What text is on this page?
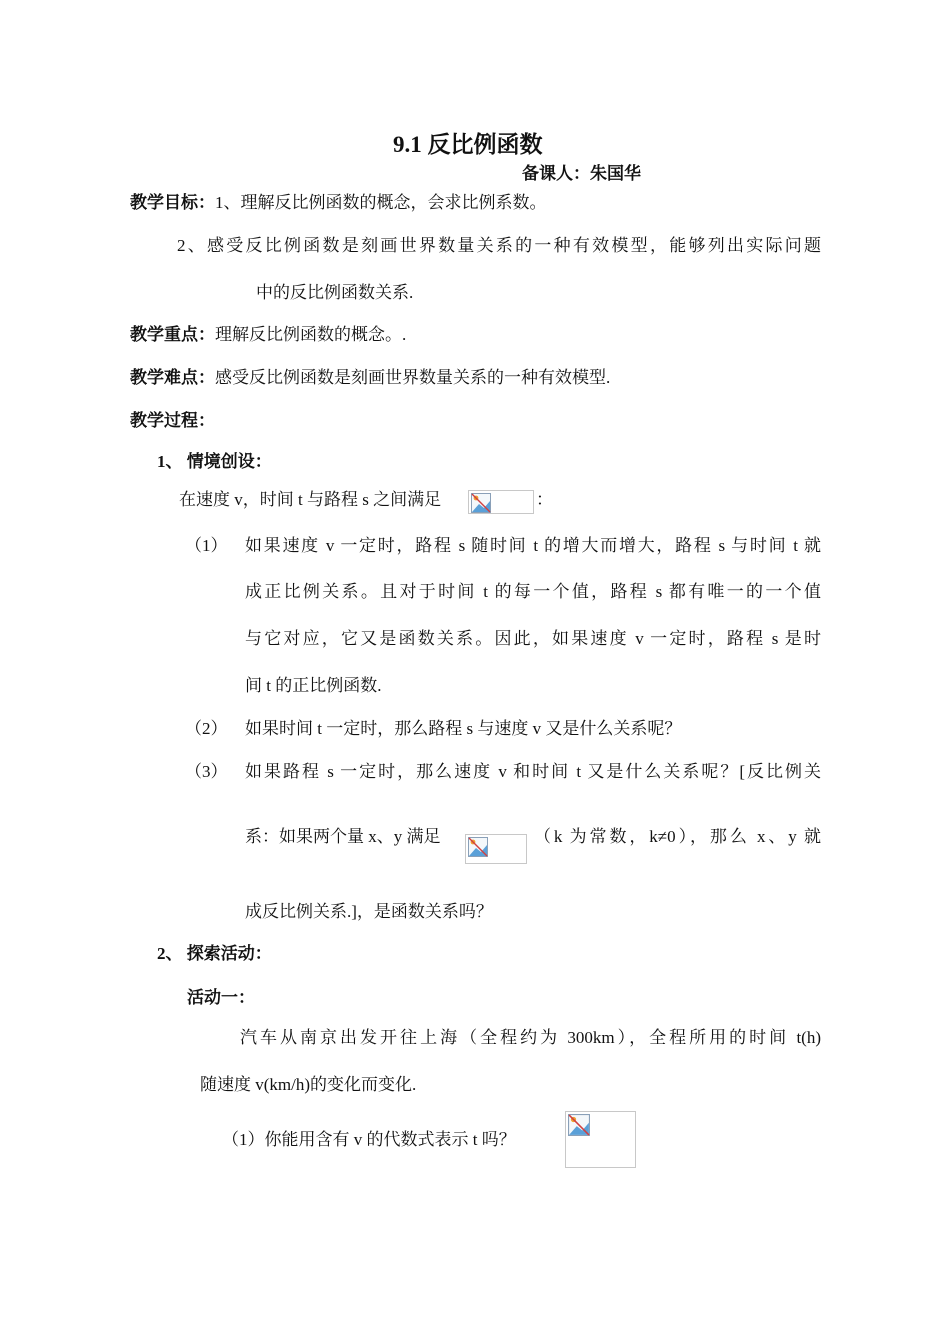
9.1 反比例函数
备课人：朱国华
教学目标：1、理解反比例函数的概念，会求比例系数。
2、感受反比例函数是刻画世界数量关系的一种有效模型，能够列出实际问题
中的反比例函数关系.
教学重点：理解反比例函数的概念。.
教学难点：感受反比例函数是刻画世界数量关系的一种有效模型.
教学过程：
1、 情境创设：
在速度 v，时间 t 与路程 s 之间满足	：
（1） 如果速度 v 一定时，路程 s 随时间 t 的增大而增大，路程 s 与时间 t 就
成正比例关系。且对于时间 t 的每一个值，路程 s 都有唯一的一个值
与它对应，它又是函数关系。因此，如果速度 v 一定时，路程 s 是时
间 t 的正比例函数.
（2） 如果时间 t 一定时，那么路程 s 与速度 v 又是什么关系呢？
（3） 如果路程 s 一定时，那么速度 v 和时间 t 又是什么关系呢？[反比例关
系：如果两个量 x、y 满足	（k 为常数，k≠0），那么 x、y 就
成反比例关系.]，是函数关系吗？
2、 探索活动：
活动一：
汽车从南京出发开往上海（全程约为 300km），全程所用的时间 t(h)
随速度 v(km/h)的变化而变化.
（1）你能用含有 v 的代数式表示 t 吗？
